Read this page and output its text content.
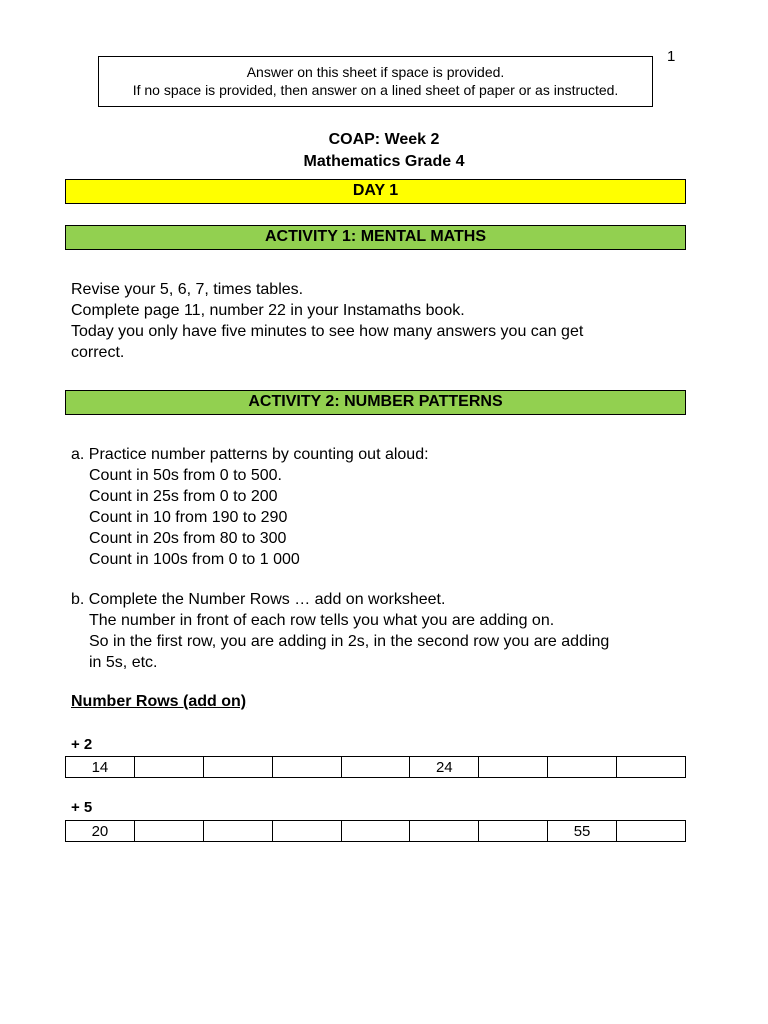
1
Answer on this sheet if space is provided.
If no space is provided, then answer on a lined sheet of paper or as instructed.
COAP: Week 2
Mathematics Grade 4
DAY 1
ACTIVITY 1: MENTAL MATHS
Revise your 5, 6, 7, times tables.
Complete page 11, number 22 in your Instamaths book.
Today you only have five minutes to see how many answers you can get
correct.
ACTIVITY 2: NUMBER PATTERNS
a. Practice number patterns by counting out aloud:
Count in 50s from 0 to 500.
Count in 25s from 0 to 200
Count in 10 from 190 to 290
Count in 20s from 80 to 300
Count in 100s from 0 to 1 000
b. Complete the Number Rows … add on worksheet.
The number in front of each row tells you what you are adding on.
So in the first row, you are adding in 2s, in the second row you are adding
in 5s, etc.
Number Rows (add on)
+ 2
14					24			
+ 5
20							55	
